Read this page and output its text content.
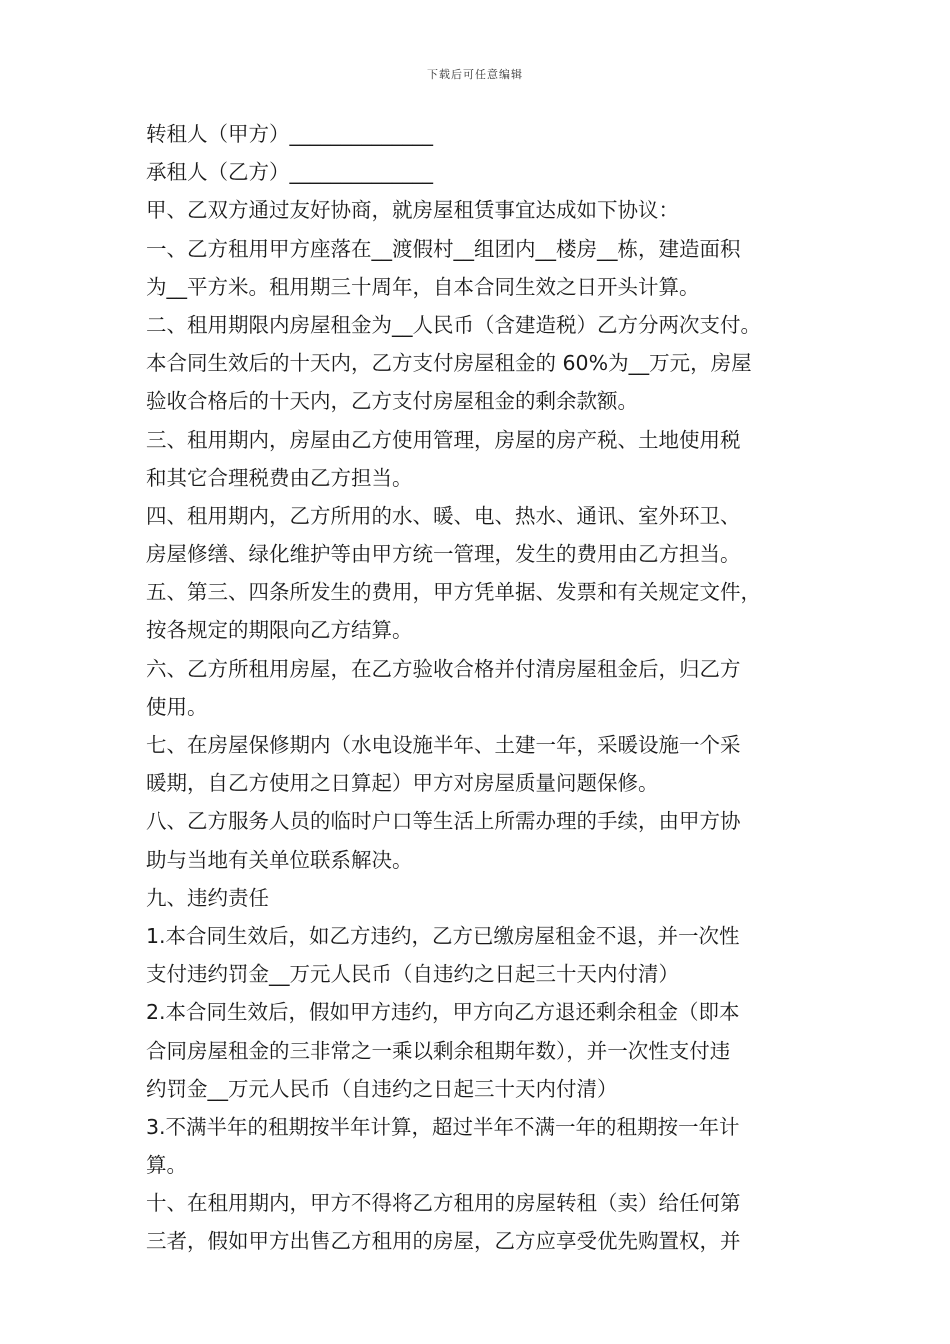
下载后可任意编辑
转租人（甲方）______________
承租人（乙方）______________
甲、乙双方通过友好协商，就房屋租赁事宜达成如下协议：
一、乙方租用甲方座落在__渡假村__组团内__楼房__栋，建造面积
为__平方米。租用期三十周年，自本合同生效之日开头计算。
二、租用期限内房屋租金为__人民币（含建造税）乙方分两次支付。
本合同生效后的十天内，乙方支付房屋租金的 60%为__万元，房屋
验收合格后的十天内，乙方支付房屋租金的剩余款额。
三、租用期内，房屋由乙方使用管理，房屋的房产税、土地使用税
和其它合理税费由乙方担当。
四、租用期内，乙方所用的水、暖、电、热水、通讯、室外环卫、
房屋修缮、绿化维护等由甲方统一管理，发生的费用由乙方担当。
五、第三、四条所发生的费用，甲方凭单据、发票和有关规定文件，
按各规定的期限向乙方结算。
六、乙方所租用房屋，在乙方验收合格并付清房屋租金后，归乙方
使用。
七、在房屋保修期内（水电设施半年、土建一年，采暖设施一个采
暖期，自乙方使用之日算起）甲方对房屋质量问题保修。
八、乙方服务人员的临时户口等生活上所需办理的手续，由甲方协
助与当地有关单位联系解决。
九、违约责任
1.本合同生效后，如乙方违约，乙方已缴房屋租金不退，并一次性
支付违约罚金__万元人民币（自违约之日起三十天内付清）
2.本合同生效后，假如甲方违约，甲方向乙方退还剩余租金（即本
合同房屋租金的三非常之一乘以剩余租期年数），并一次性支付违
约罚金__万元人民币（自违约之日起三十天内付清）
3.不满半年的租期按半年计算，超过半年不满一年的租期按一年计
算。
十、在租用期内，甲方不得将乙方租用的房屋转租（卖）给任何第
三者，假如甲方出售乙方租用的房屋，乙方应享受优先购置权，并
